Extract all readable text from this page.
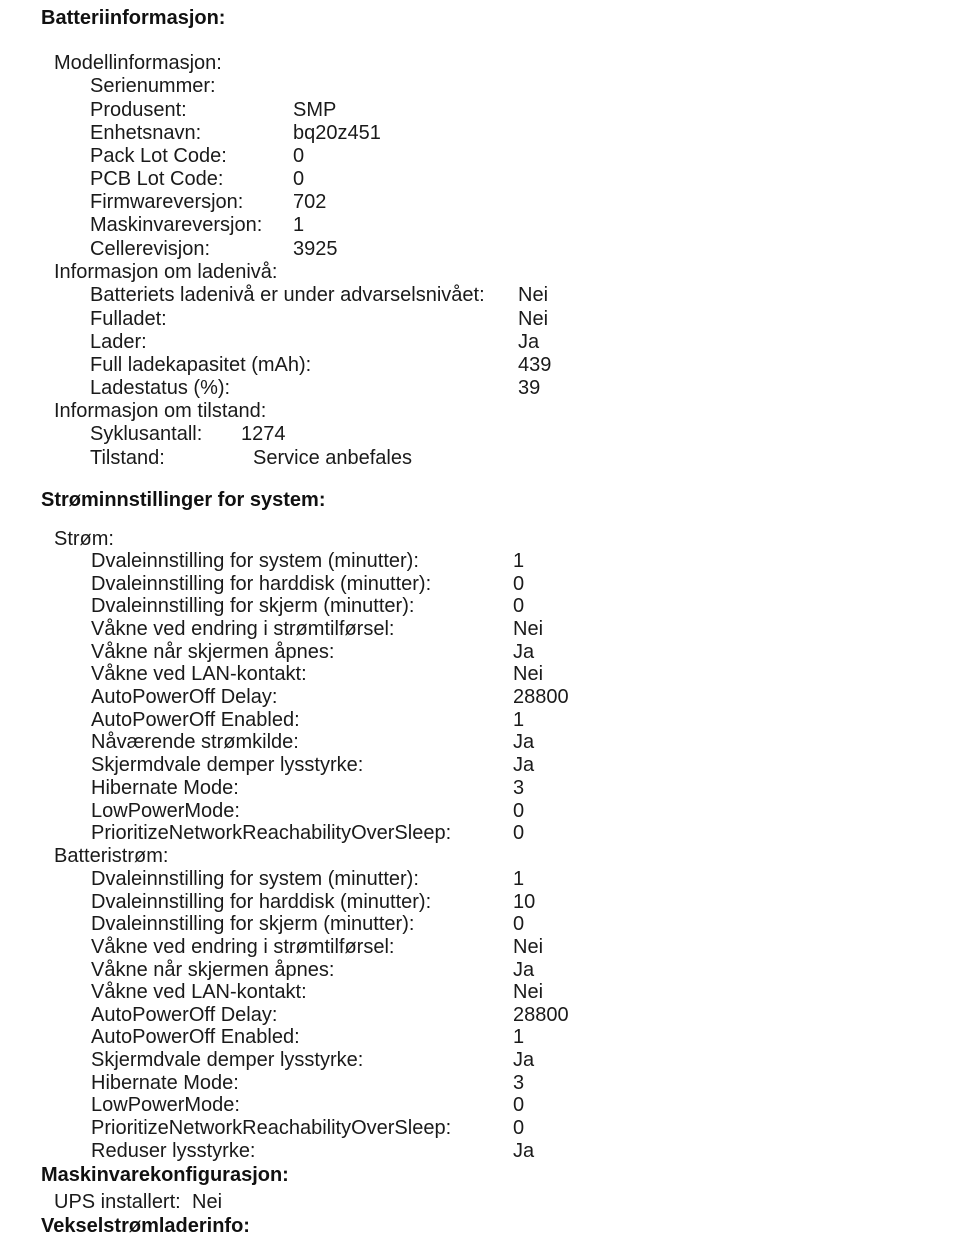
Batteriinformasjon:
Modellinformasjon:
Serienummer:
Produsent:	SMP
Enhetsnavn:	bq20z451
Pack Lot Code:	0
PCB Lot Code:	0
Firmwareversjon: 702
Maskinvareversjon: 1
Cellerevisjon:	3925
Informasjon om ladenivå:
Batteriets ladenivå er under advarselsnivået: Nei
Fulladet:	Nei
Lader:	Ja
Full ladekapasitet (mAh):	439
Ladestatus (%):	39
Informasjon om tilstand:
Syklusantall: 1274
Tilstand:	Service anbefales
Strøminnstillinger for system:
Strøm:
Dvaleinnstilling for system (minutter):	1
Dvaleinnstilling for harddisk (minutter):	0
Dvaleinnstilling for skjerm (minutter):	0
Våkne ved endring i strømtilførsel:	Nei
Våkne når skjermen åpnes:	Ja
Våkne ved LAN-kontakt:	Nei
AutoPowerOff Delay:	28800
AutoPowerOff Enabled:	1
Nåværende strømkilde:	Ja
Skjermdvale demper lysstyrke:	Ja
Hibernate Mode:	3
LowPowerMode:	0
PrioritizeNetworkReachabilityOverSleep:	0
Batteristrøm:
Dvaleinnstilling for system (minutter):	1
Dvaleinnstilling for harddisk (minutter):	10
Dvaleinnstilling for skjerm (minutter):	0
Våkne ved endring i strømtilførsel:	Nei
Våkne når skjermen åpnes:	Ja
Våkne ved LAN-kontakt:	Nei
AutoPowerOff Delay:	28800
AutoPowerOff Enabled:	1
Skjermdvale demper lysstyrke:	Ja
Hibernate Mode:	3
LowPowerMode:	0
PrioritizeNetworkReachabilityOverSleep:	0
Reduser lysstyrke:	Ja
Maskinvarekonfigurasjon:
UPS installert: Nei
Vekselstrømladerinfo:
